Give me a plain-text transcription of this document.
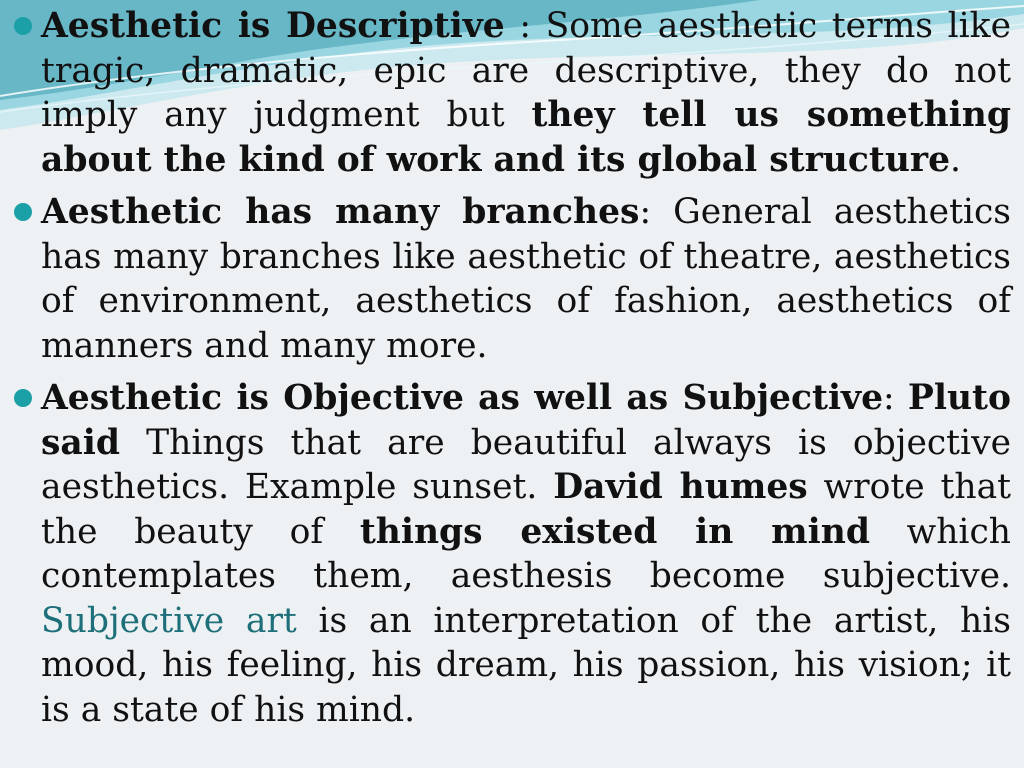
Aesthetic is Descriptive : Some aesthetic terms like tragic, dramatic, epic are descriptive, they do not imply any judgment but they tell us something about the kind of work and its global structure.
Aesthetic has many branches: General aesthetics has many branches like aesthetic of theatre, aesthetics of environment, aesthetics of fashion, aesthetics of manners and many more.
Aesthetic is Objective as well as Subjective: Pluto said Things that are beautiful always is objective aesthetics. Example sunset. David humes wrote that the beauty of things existed in mind which contemplates them, aesthesis become subjective. Subjective art is an interpretation of the artist, his mood, his feeling, his dream, his passion, his vision; it is a state of his mind.
